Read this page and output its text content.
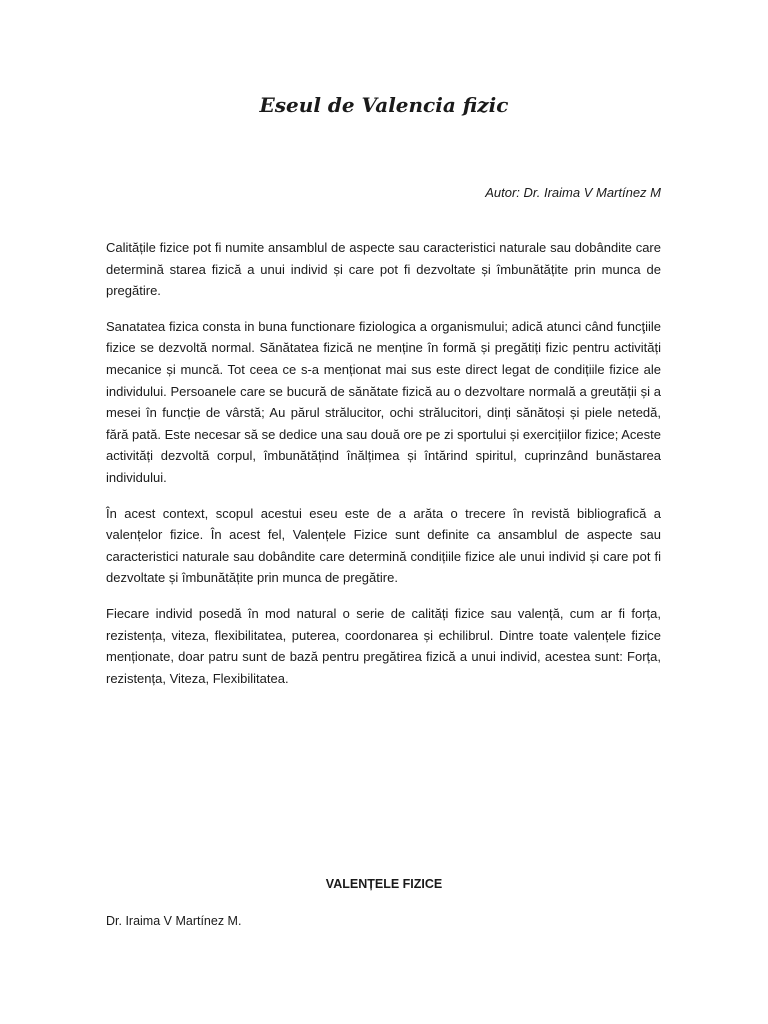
Eseul de Valencia fizic
Autor: Dr. Iraima V Martínez M

Calitățile fizice pot fi numite ansamblul de aspecte sau caracteristici naturale sau dobândite care determină starea fizică a unui individ și care pot fi dezvoltate și îmbunătățite prin munca de pregătire.

Sanatatea fizica consta in buna functionare fiziologica a organismului; adică atunci când funcţiile fizice se dezvoltă normal. Sănătatea fizică ne menține în formă și pregătiți fizic pentru activități mecanice și muncă. Tot ceea ce s-a menționat mai sus este direct legat de condițiile fizice ale individului. Persoanele care se bucură de sănătate fizică au o dezvoltare normală a greutății și a mesei în funcție de vârstă; Au părul strălucitor, ochi strălucitori, dinți sănătoși și piele netedă, fără pată. Este necesar să se dedice una sau două ore pe zi sportului și exercițiilor fizice; Aceste activități dezvoltă corpul, îmbunătățind înălțimea și întărind spiritul, cuprinzând bunăstarea individului.

În acest context, scopul acestui eseu este de a arăta o trecere în revistă bibliografică a valențelor fizice. În acest fel, Valențele Fizice sunt definite ca ansamblul de aspecte sau caracteristici naturale sau dobândite care determină condițiile fizice ale unui individ și care pot fi dezvoltate și îmbunătățite prin munca de pregătire.

Fiecare individ posedă în mod natural o serie de calități fizice sau valență, cum ar fi forța, rezistența, viteza, flexibilitatea, puterea, coordonarea și echilibrul. Dintre toate valențele fizice menționate, doar patru sunt de bază pentru pregătirea fizică a unui individ, acestea sunt: Forța, rezistența, Viteza, Flexibilitatea.

VALENȚELE FIZICE
Dr. Iraima V Martínez M.
